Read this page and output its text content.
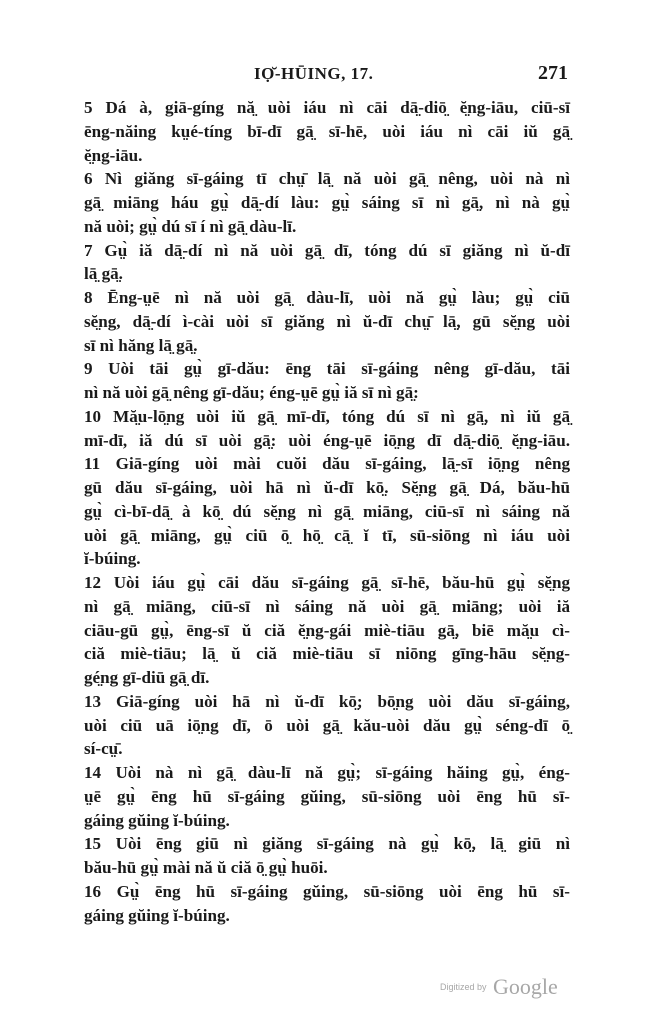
IỌ̆-HŪING, 17.	271
5 Dá à, giā-gíng nă̤ uòi iáu nì cāi dā̤-diō̤ ĕ̤ng-iāu, ciū-sī
ēng-năing kṳé-tíng bī-dī gā̤ sī-hē, uòi iáu nì cāi iŭ gā̤
ĕ̤ng-iāu.
6 Nì giăng sī-gáing tī chṳ̄ lā̤ nă uòi gā̤ nêng, uòi nà nì
gā̤ miāng háu gṳ̀ dā̤-dí làu: gṳ̀ sáing sī nì gā̤, nì nà gṳ̀
nă uòi; gṳ̀ dú sī í nì gā̤ dàu-lī.
7 Gṳ̀ iă dā̤-dí nì nă uòi gā̤ dī, tóng dú sī giăng nì ŭ-dī
lā̤ gā̤.
8 Ēng-ṳē nì nă uòi gā̤ dàu-lī, uòi nă gṳ̀ làu; gṳ̀ ciū
sĕ̤ng, dā̤-dí ì-cài uòi sī giăng nì ŭ-dī chṳ̄ lā̤, gū sĕ̤ng uòi
sī nì hăng lā̤ gā̤.
9 Uòi tāi gṳ̀ gī-dău: ēng tāi sī-gáing nêng gī-dău, tāi
nì nă uòi gā̤ nêng gī-dău; éng-ṳē gṳ̀ iă sī nì gā̤:
10 Mă̤u-lō̤ng uòi iŭ gā̤ mī-dī, tóng dú sī nì gā̤, nì iŭ gā̤
mī-dī, iă dú sī uòi gā̤: uòi éng-ṳē iō̤ng dī dā̤-diō̤ ĕ̤ng-iāu.
11 Giā-gíng uòi mài cuŏi dău sī-gáing, lā̤-sī iō̤ng nêng
gū dău sī-gáing, uòi hā nì ŭ-dī kō̤. Sĕ̤ng gā̤ Dá, bău-hū
gṳ̀ cì-bī-dā̤ à kō̤ dú sĕ̤ng nì gā̤ miāng, ciū-sī nì sáing nă
uòi gā̤ miāng, gṳ̀ ciū ō̤ hō̤ cā̤ ĭ tī, sū-siōng nì iáu uòi
ĭ-búing.
12 Uòi iáu gṳ̀ cāi dău sī-gáing gā̤ sī-hē, bău-hū gṳ̀ sĕ̤ng
nì gā̤ miāng, ciū-sī nì sáing nă uòi gā̤ miāng; uòi iă
ciāu-gū gṳ̀, ēng-sī ŭ ciă ĕ̤ng-gái miè-tiāu gā̤, biē mă̤u cì-
ciă miè-tiāu; lā̤ ŭ ciă miè-tiāu sī niōng gīng-hāu sĕ̤ng-
gé̤ng gī-diū gā̤ dī.
13 Giā-gíng uòi hā nì ŭ-dī kō̤; bō̤ng uòi dău sī-gáing,
uòi ciū uā iō̤ng dī, ō uòi gā̤ kău-uòi dău gṳ̀ séng-dī ō̤
sí-cṳ̄.
14 Uòi nà nì gā̤ dàu-lī nă gṳ̀; sī-gáing hăing gṳ̀, éng-
ṳē gṳ̀ ēng hū sī-gáing gŭing, sū-siōng uòi ēng hū sī-
gáing gŭing ĭ-búing.
15 Uòi ēng giū nì giăng sī-gáing nà gṳ̀ kō̤, lā̤ giū nì
bău-hū gṳ̀ mài nă ŭ ciă ō̤ gṳ̀ huōi.
16 Gṳ̀ ēng hū sī-gáing gŭing, sū-siōng uòi ēng hū sī-
gáing gŭing ĭ-búing.
$^{Digitized by}$ Google
